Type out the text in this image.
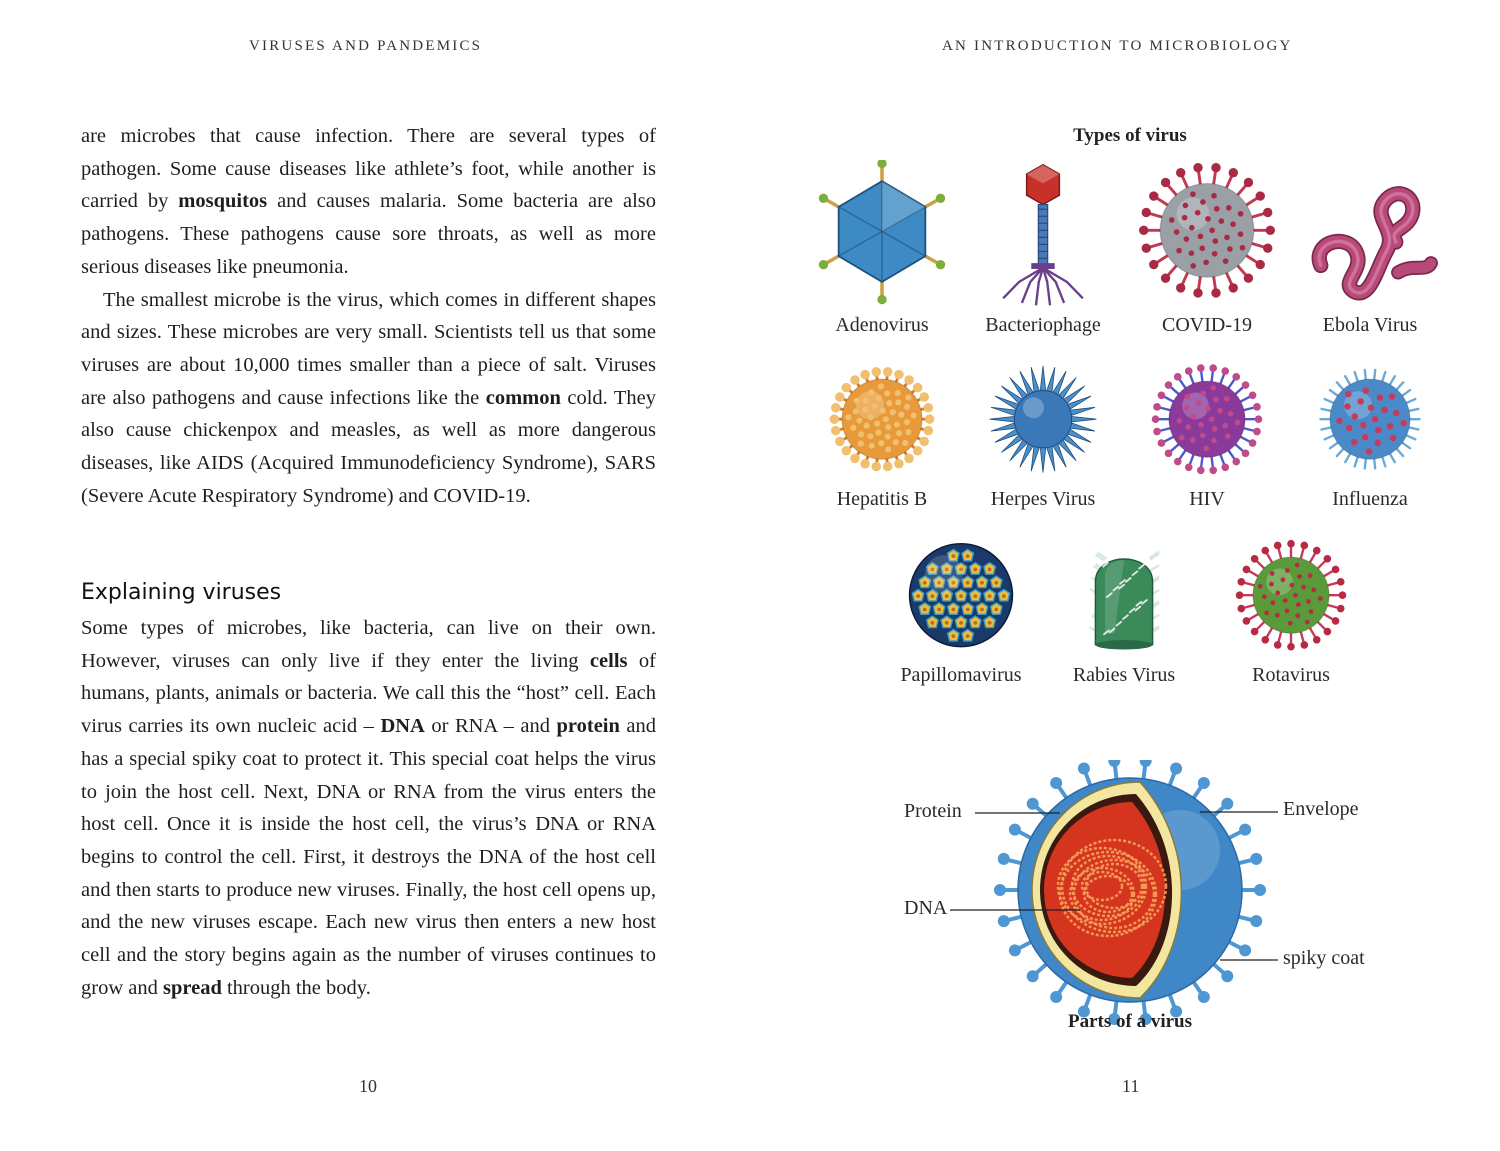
VIRUSES AND PANDEMICS

are microbes that cause infection. There are several types of pathogen. Some cause diseases like athlete’s foot, while another is carried by mosquitos and causes malaria. Some bacteria are also pathogens. These pathogens cause sore throats, as well as more serious diseases like pneumonia.

The smallest microbe is the virus, which comes in different shapes and sizes. These microbes are very small. Scientists tell us that some viruses are about 10,000 times smaller than a piece of salt. Viruses are also pathogens and cause infections like the common cold. They also cause chickenpox and measles, as well as more dangerous diseases, like AIDS (Acquired Immunodeficiency Syndrome), SARS (Severe Acute Respiratory Syndrome) and COVID-19.

Explaining viruses

Some types of microbes, like bacteria, can live on their own. However, viruses can only live if they enter the living cells of humans, plants, animals or bacteria. We call this the “host” cell. Each virus carries its own nucleic acid – DNA or RNA – and protein and has a special spiky coat to protect it. This special coat helps the virus to join the host cell. Next, DNA or RNA from the virus enters the host cell. Once it is inside the host cell, the virus’s DNA or RNA begins to control the cell. First, it destroys the DNA of the host cell and then starts to produce new viruses. Finally, the host cell opens up, and the new viruses escape. Each new virus then enters a new host cell and the story begins again as the number of viruses continues to grow and spread through the body.

10
AN INTRODUCTION TO MICROBIOLOGY
Types of virus
Adenovirus	Bacteriophage	COVID-19	Ebola Virus
Hepatitis B	Herpes Virus	HIV	Influenza
Papillomavirus	Rabies Virus	Rotavirus
Protein
DNA
Envelope
spiky coat
Parts of a virus
11
